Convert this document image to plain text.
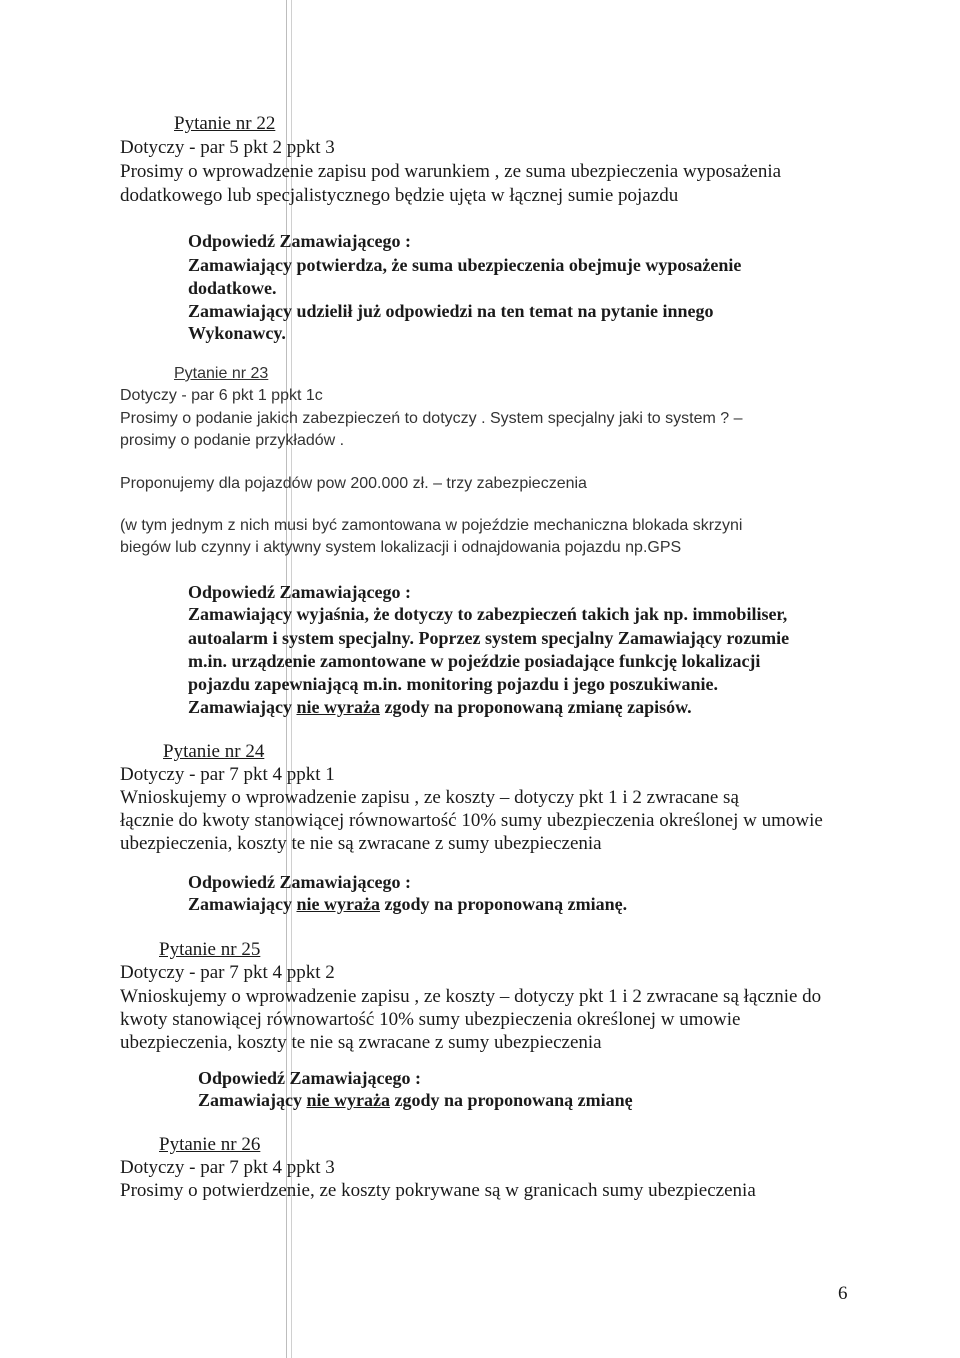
Pytanie nr 22
Dotyczy - par 5 pkt 2 ppkt 3
Prosimy o wprowadzenie zapisu pod warunkiem , ze suma ubezpieczenia wyposażenia
dodatkowego lub specjalistycznego będzie ujęta w łącznej sumie pojazdu
Odpowiedź Zamawiającego :
Zamawiający potwierdza, że suma ubezpieczenia obejmuje wyposażenie
dodatkowe.
Zamawiający udzielił już odpowiedzi na ten temat na pytanie innego
Wykonawcy.
Pytanie nr 23
Dotyczy - par 6 pkt 1 ppkt 1c
Prosimy o podanie jakich zabezpieczeń to dotyczy . System specjalny jaki to system ? –
prosimy o podanie przykładów .
Proponujemy dla pojazdów pow 200.000 zł. – trzy zabezpieczenia
(w tym jednym z nich musi być zamontowana w pojeździe mechaniczna blokada skrzyni
biegów lub czynny i aktywny system lokalizacji i odnajdowania pojazdu np.GPS
Odpowiedź Zamawiającego :
Zamawiający wyjaśnia, że dotyczy to zabezpieczeń takich jak np. immobiliser,
autoalarm i system specjalny. Poprzez system specjalny Zamawiający rozumie
m.in. urządzenie zamontowane w pojeździe posiadające funkcję lokalizacji
pojazdu zapewniającą m.in. monitoring pojazdu i jego poszukiwanie.
Zamawiający nie wyraża zgody na proponowaną zmianę zapisów.
Pytanie nr 24
Dotyczy - par 7 pkt 4 ppkt 1
Wnioskujemy o wprowadzenie zapisu , ze koszty – dotyczy pkt 1 i 2 zwracane są
łącznie do kwoty stanowiącej równowartość 10% sumy ubezpieczenia określonej w umowie
ubezpieczenia, koszty te nie są zwracane z sumy ubezpieczenia
Odpowiedź Zamawiającego :
Zamawiający nie wyraża zgody na proponowaną zmianę.
Pytanie nr 25
Dotyczy - par 7 pkt 4 ppkt 2
Wnioskujemy o wprowadzenie zapisu , ze koszty – dotyczy pkt 1 i 2 zwracane są łącznie do
kwoty stanowiącej równowartość 10% sumy ubezpieczenia określonej w umowie
ubezpieczenia, koszty te nie są zwracane z sumy ubezpieczenia
Odpowiedź Zamawiającego :
Zamawiający nie wyraża zgody na proponowaną zmianę
Pytanie nr 26
Dotyczy - par 7 pkt 4 ppkt 3
Prosimy o potwierdzenie, ze koszty pokrywane są w granicach sumy ubezpieczenia
6
